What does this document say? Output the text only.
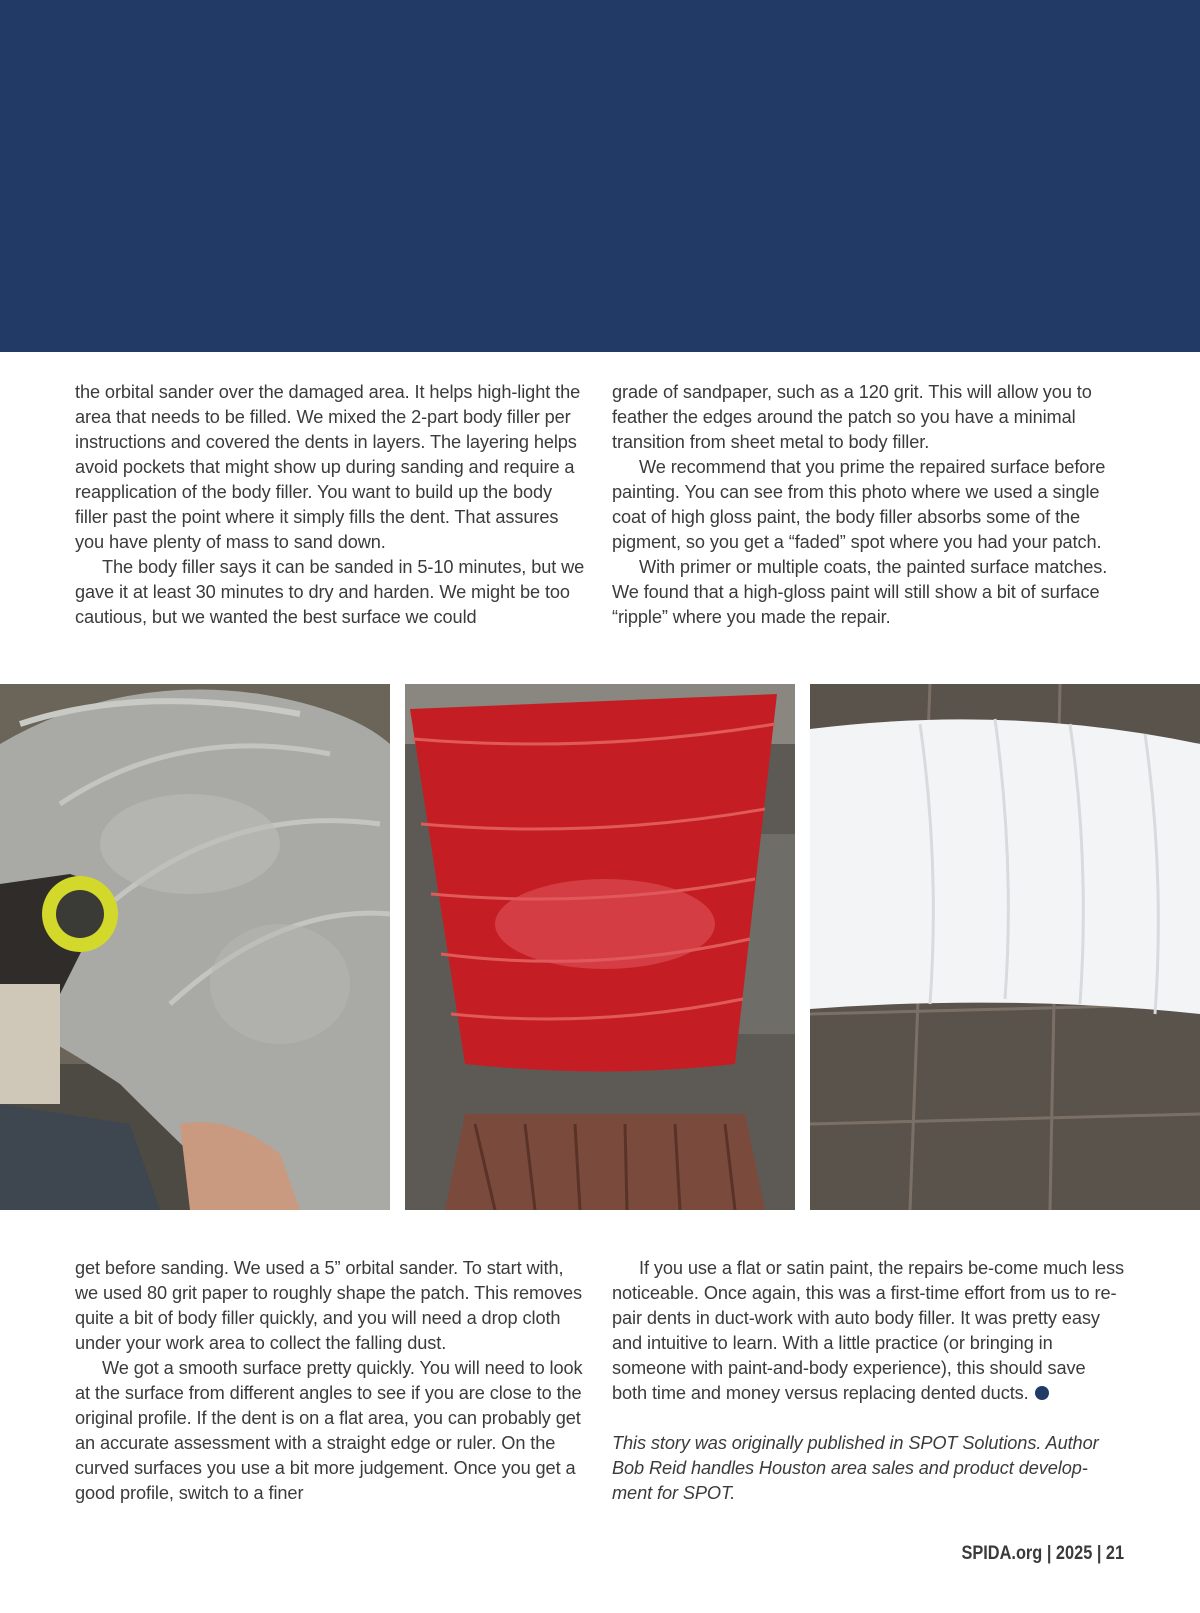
the orbital sander over the damaged area. It helps high-light the area that needs to be filled. We mixed the 2-part body filler per instructions and covered the dents in layers. The layering helps avoid pockets that might show up during sanding and require a reapplication of the body filler. You want to build up the body filler past the point where it simply fills the dent. That assures you have plenty of mass to sand down.

The body filler says it can be sanded in 5-10 minutes, but we gave it at least 30 minutes to dry and harden. We might be too cautious, but we wanted the best surface we could

grade of sandpaper, such as a 120 grit. This will allow you to feather the edges around the patch so you have a minimal transition from sheet metal to body filler.

We recommend that you prime the repaired surface before painting. You can see from this photo where we used a single coat of high gloss paint, the body filler absorbs some of the pigment, so you get a “faded” spot where you had your patch.

With primer or multiple coats, the painted surface matches. We found that a high-gloss paint will still show a bit of surface “ripple” where you made the repair.

get before sanding. We used a 5” orbital sander. To start with, we used 80 grit paper to roughly shape the patch. This removes quite a bit of body filler quickly, and you will need a drop cloth under your work area to collect the falling dust.

We got a smooth surface pretty quickly. You will need to look at the surface from different angles to see if you are close to the original profile. If the dent is on a flat area, you can probably get an accurate assessment with a straight edge or ruler. On the curved surfaces you use a bit more judgement. Once you get a good profile, switch to a finer

If you use a flat or satin paint, the repairs be-come much less noticeable. Once again, this was a first-time effort from us to re-pair dents in duct-work with auto body filler. It was pretty easy and intuitive to learn. With a little practice (or bringing in someone with paint-and-body experience), this should save both time and money versus replacing dented ducts.

This story was originally published in SPOT Solutions. Author Bob Reid handles Houston area sales and product develop-ment for SPOT.

SPIDA.org | 2025 | 21
